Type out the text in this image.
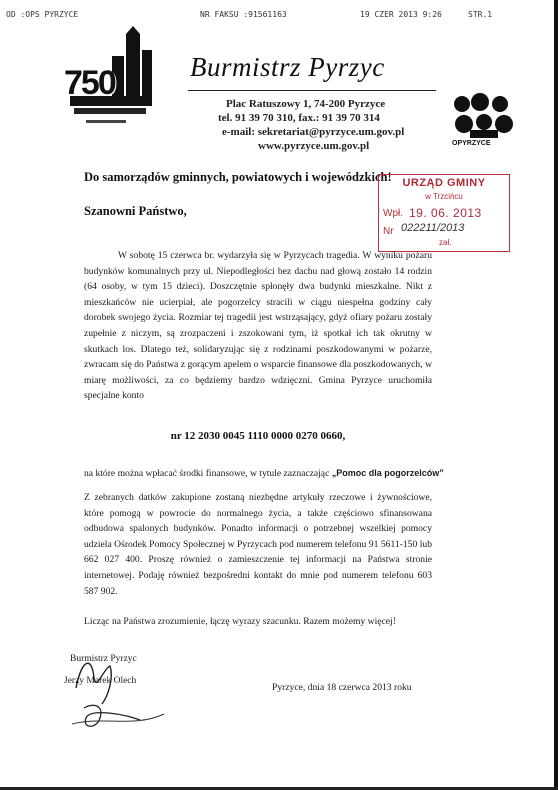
OD :OPS PYRZYCE	NR FAKSU :91561163	19 CZER 2013 9:26	STR.1
750	Burmistrz Pyrzyc
Plac Ratuszowy 1, 74-200 Pyrzyce
tel. 91 39 70 310, fax.: 91 39 70 314
e-mail: sekretariat@pyrzyce.um.gov.pl
www.pyrzyce.um.gov.pl	OPYRZYCE
Do samorządów gminnych, powiatowych i wojewódzkich!
Szanowni Państwo,
URZĄD GMINY
w Trzcińcu
Wpł. 19. 06. 2013
Nr 022211/2013
zał.
W sobotę 15 czerwca br. wydarzyła się w Pyrzycach tragedia. W wyniku pożaru budynków komunalnych przy ul. Niepodległości bez dachu nad głową zostało 14 rodzin (64 osoby, w tym 15 dzieci). Doszczętnie spłonęły dwa budynki mieszkalne. Nikt z mieszkańców nie ucierpiał, ale pogorzelcy stracili w ciągu niespełna godziny cały dorobek swojego życia. Rozmiar tej tragedii jest wstrząsający, gdyż ofiary pożaru zostały zupełnie z niczym, są zrozpaczeni i zszokowani tym, iż spotkał ich tak okrutny w skutkach los. Dlatego też, solidaryzując się z rodzinami poszkodowanymi w pożarze, zwracam się do Państwa z gorącym apelem o wsparcie finansowe dla poszkodowanych, w miarę możliwości, za co będziemy bardzo wdzięczni. Gmina Pyrzyce uruchomiła specjalne konto
nr 12 2030 0045 1110 0000 0270 0660,
na które można wpłacać środki finansowe, w tytule zaznaczając „Pomoc dla pogorzelców”
Z zebranych datków zakupione zostaną niezbędne artykuły rzeczowe i żywnościowe, które pomogą w powrocie do normalnego życia, a także częściowo sfinansowana odbudowa spalonych budynków. Ponadto informacji o potrzebnej wszelkiej pomocy udziela Ośrodek Pomocy Społecznej w Pyrzycach pod numerem telefonu 91 5611-150 lub 662 027 400. Proszę również o zamieszczenie tej informacji na Państwa stronie internetowej. Podaję również bezpośredni kontakt do mnie pod numerem telefonu 603 587 902.
Licząc na Państwa zrozumienie, łączę wyrazy szacunku. Razem możemy więcej!
Burmistrz Pyrzyc
Jerzy Marek Olech
Pyrzyce, dnia 18 czerwca 2013 roku
